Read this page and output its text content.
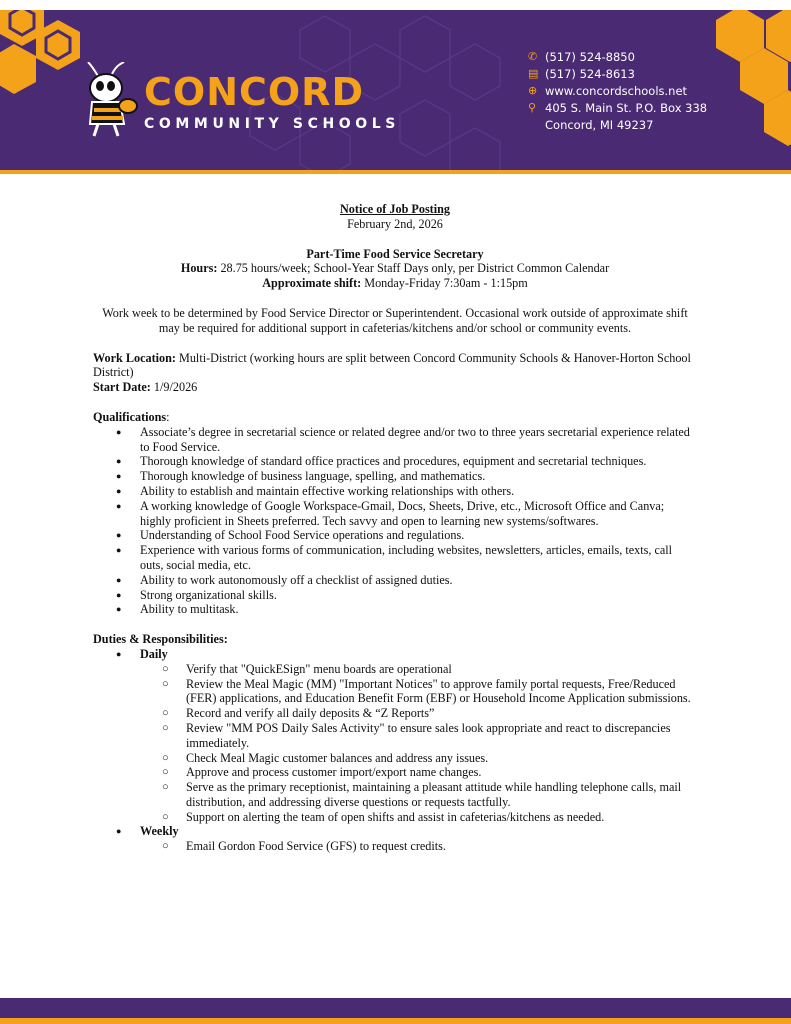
CONCORD
COMMUNITY SCHOOLS
✆ (517) 524-8850
▤ (517) 524-8613
⊕ www.concordschools.net
⚲ 405 S. Main St. P.O. Box 338
Concord, MI 49237
Notice of Job Posting
February 2nd, 2026
Part-Time Food Service Secretary
Hours: 28.75 hours/week; School-Year Staff Days only, per District Common Calendar
Approximate shift: Monday-Friday 7:30am - 1:15pm
Work week to be determined by Food Service Director or Superintendent. Occasional work outside of approximate shift may be required for additional support in cafeterias/kitchens and/or school or community events.
Work Location: Multi-District (working hours are split between Concord Community Schools & Hanover-Horton School District)
Start Date: 1/9/2026
Qualifications:
● Associate’s degree in secretarial science or related degree and/or two to three years secretarial experience related to Food Service.
● Thorough knowledge of standard office practices and procedures, equipment and secretarial techniques.
● Thorough knowledge of business language, spelling, and mathematics.
● Ability to establish and maintain effective working relationships with others.
● A working knowledge of Google Workspace-Gmail, Docs, Sheets, Drive, etc., Microsoft Office and Canva; highly proficient in Sheets preferred. Tech savvy and open to learning new systems/softwares.
● Understanding of School Food Service operations and regulations.
● Experience with various forms of communication, including websites, newsletters, articles, emails, texts, call outs, social media, etc.
● Ability to work autonomously off a checklist of assigned duties.
● Strong organizational skills.
● Ability to multitask.
Duties & Responsibilities:
● Daily
○ Verify that "QuickESign" menu boards are operational
○ Review the Meal Magic (MM) "Important Notices" to approve family portal requests, Free/Reduced (FER) applications, and Education Benefit Form (EBF) or Household Income Application submissions.
○ Record and verify all daily deposits & “Z Reports”
○ Review "MM POS Daily Sales Activity" to ensure sales look appropriate and react to discrepancies immediately.
○ Check Meal Magic customer balances and address any issues.
○ Approve and process customer import/export name changes.
○ Serve as the primary receptionist, maintaining a pleasant attitude while handling telephone calls, mail distribution, and addressing diverse questions or requests tactfully.
○ Support on alerting the team of open shifts and assist in cafeterias/kitchens as needed.
● Weekly
○ Email Gordon Food Service (GFS) to request credits.
